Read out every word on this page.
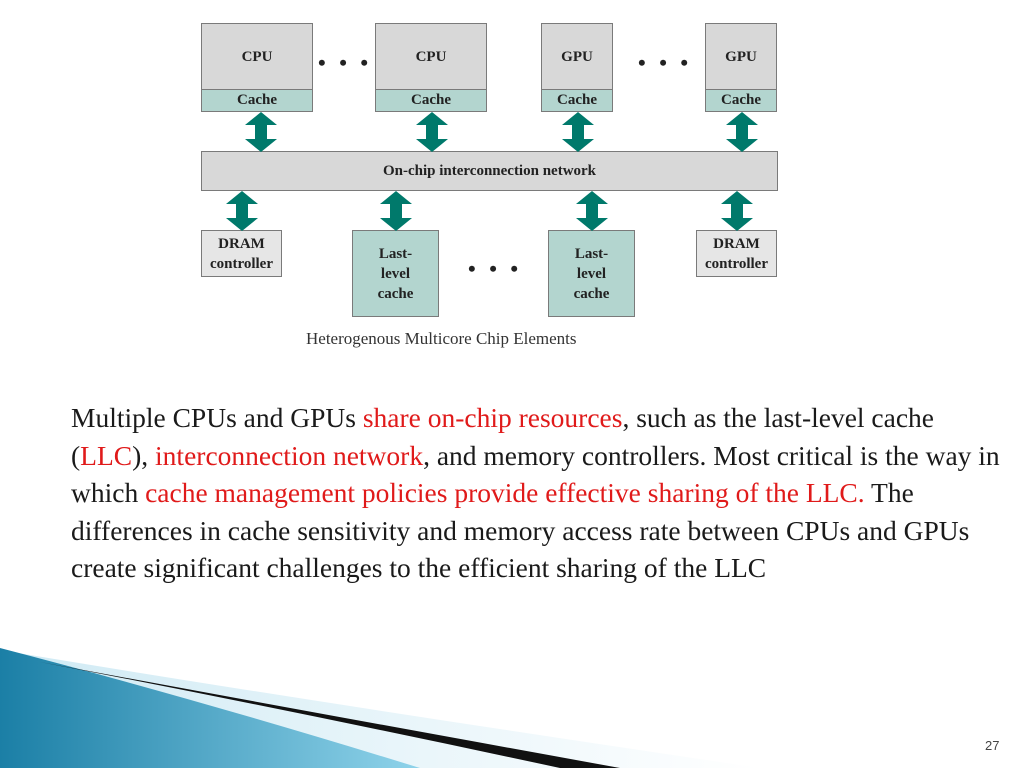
CPU
Cache
CPU
Cache
GPU
Cache
GPU
Cache
• • •	• • •
On-chip interconnection network
DRAM
controller
Last-
level
cache
Last-
level
cache
DRAM
controller
• • •
Heterogenous Multicore Chip Elements
Multiple CPUs and GPUs share on-chip resources, such as the last-level cache (LLC), interconnection network, and memory controllers. Most critical is the way in which cache management policies provide effective sharing of the LLC. The differences in cache sensitivity and memory access rate between CPUs and GPUs create significant challenges to the efficient sharing of the LLC
27
